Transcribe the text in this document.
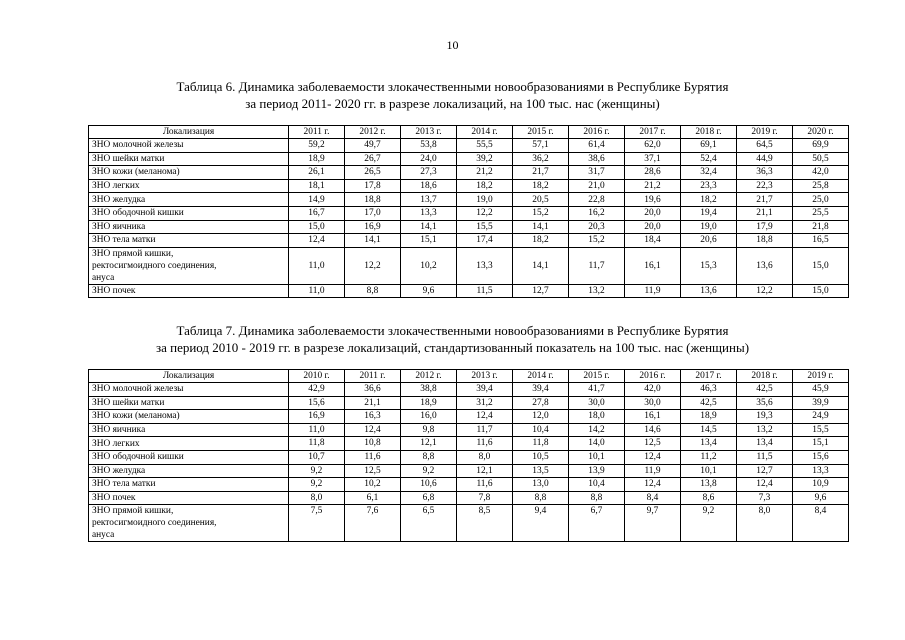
10
Таблица 6. Динамика заболеваемости злокачественными новообразованиями в Республике Бурятия
за период 2011- 2020 гг. в разрезе локализаций, на 100 тыс. нас (женщины)
Локализация	2011 г.	2012 г.	2013 г.	2014 г.	2015 г.	2016 г.	2017 г.	2018 г.	2019 г.	2020 г.

ЗНО молочной железы	59,2	49,7	53,8	55,5	57,1	61,4	62,0	69,1	64,5	69,9

ЗНО шейки матки	18,9	26,7	24,0	39,2	36,2	38,6	37,1	52,4	44,9	50,5

ЗНО кожи (меланома)	26,1	26,5	27,3	21,2	21,7	31,7	28,6	32,4	36,3	42,0

ЗНО легких	18,1	17,8	18,6	18,2	18,2	21,0	21,2	23,3	22,3	25,8

ЗНО желудка	14,9	18,8	13,7	19,0	20,5	22,8	19,6	18,2	21,7	25,0

ЗНО ободочной кишки	16,7	17,0	13,3	12,2	15,2	16,2	20,0	19,4	21,1	25,5

ЗНО яичника	15,0	16,9	14,1	15,5	14,1	20,3	20,0	19,0	17,9	21,8

ЗНО тела матки	12,4	14,1	15,1	17,4	18,2	15,2	18,4	20,6	18,8	16,5

ЗНО прямой кишки,
ректосигмоидного соединения,
ануса	11,0	12,2	10,2	13,3	14,1	11,7	16,1	15,3	13,6	15,0

ЗНО почек	11,0	8,8	9,6	11,5	12,7	13,2	11,9	13,6	12,2	15,0
Таблица 7. Динамика заболеваемости злокачественными новообразованиями в Республике Бурятия
за период 2010 - 2019 гг. в разрезе локализаций, стандартизованный показатель на 100 тыс. нас (женщины)
Локализация	2010 г.	2011 г.	2012 г.	2013 г.	2014 г.	2015 г.	2016 г.	2017 г.	2018 г.	2019 г.

ЗНО молочной железы	42,9	36,6	38,8	39,4	39,4	41,7	42,0	46,3	42,5	45,9

ЗНО шейки матки	15,6	21,1	18,9	31,2	27,8	30,0	30,0	42,5	35,6	39,9

ЗНО кожи (меланома)	16,9	16,3	16,0	12,4	12,0	18,0	16,1	18,9	19,3	24,9

ЗНО яичника	11,0	12,4	9,8	11,7	10,4	14,2	14,6	14,5	13,2	15,5

ЗНО легких	11,8	10,8	12,1	11,6	11,8	14,0	12,5	13,4	13,4	15,1

ЗНО ободочной кишки	10,7	11,6	8,8	8,0	10,5	10,1	12,4	11,2	11,5	15,6

ЗНО желудка	9,2	12,5	9,2	12,1	13,5	13,9	11,9	10,1	12,7	13,3

ЗНО тела матки	9,2	10,2	10,6	11,6	13,0	10,4	12,4	13,8	12,4	10,9

ЗНО почек	8,0	6,1	6,8	7,8	8,8	8,8	8,4	8,6	7,3	9,6

ЗНО прямой кишки,
ректосигмоидного соединения,
ануса	7,5	7,6	6,5	8,5	9,4	6,7	9,7	9,2	8,0	8,4
